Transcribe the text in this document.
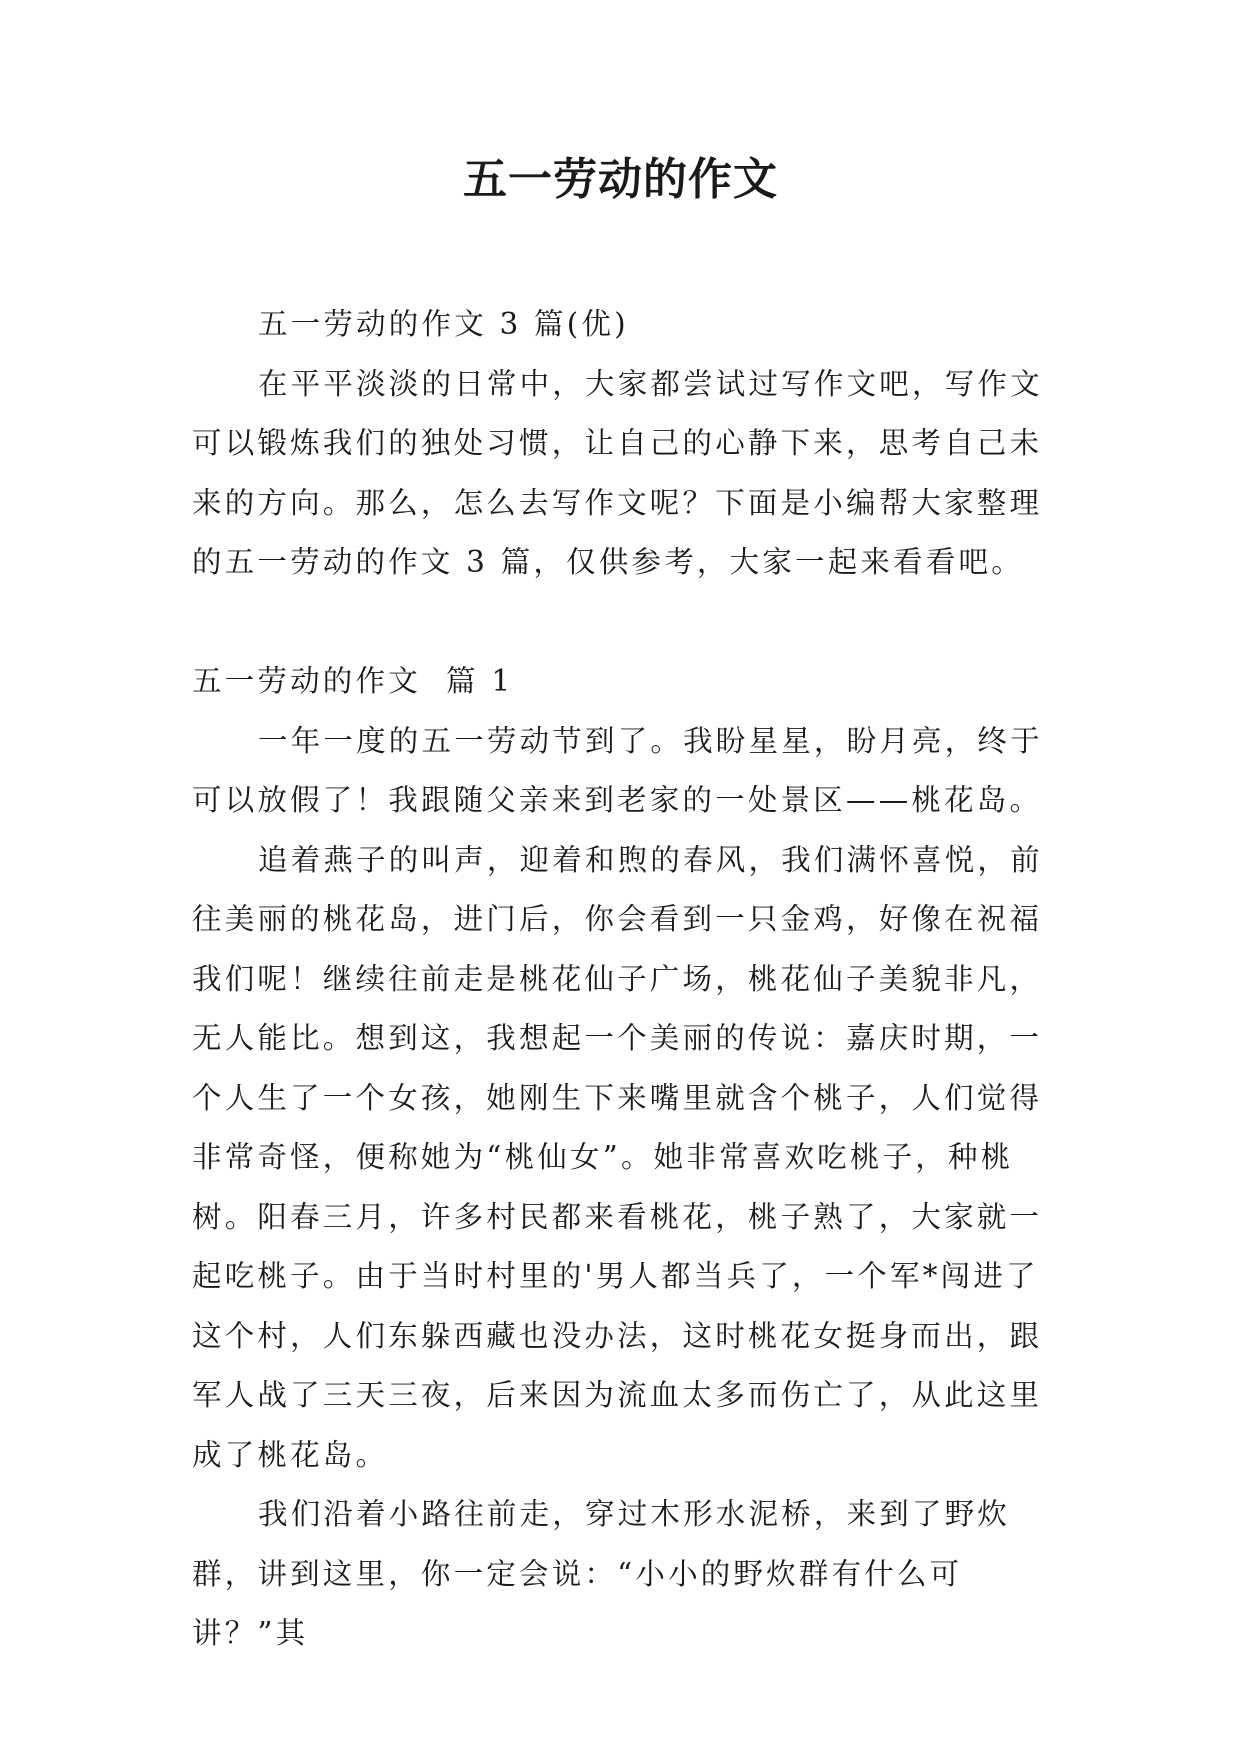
五一劳动的作文

五一劳动的作文 3 篇(优)

在平平淡淡的日常中，大家都尝试过写作文吧，写作文可以锻炼我们的独处习惯，让自己的心静下来，思考自己未来的方向。那么，怎么去写作文呢？下面是小编帮大家整理的五一劳动的作文 3 篇，仅供参考，大家一起来看看吧。

五一劳动的作文  篇 1

一年一度的五一劳动节到了。我盼星星，盼月亮，终于可以放假了！我跟随父亲来到老家的一处景区——桃花岛。

追着燕子的叫声，迎着和煦的春风，我们满怀喜悦，前往美丽的桃花岛，进门后，你会看到一只金鸡，好像在祝福我们呢！继续往前走是桃花仙子广场，桃花仙子美貌非凡，无人能比。想到这，我想起一个美丽的传说：嘉庆时期，一个人生了一个女孩，她刚生下来嘴里就含个桃子，人们觉得非常奇怪，便称她为“桃仙女”。她非常喜欢吃桃子，种桃树。阳春三月，许多村民都来看桃花，桃子熟了，大家就一起吃桃子。由于当时村里的'男人都当兵了，一个军*闯进了这个村，人们东躲西藏也没办法，这时桃花女挺身而出，跟军人战了三天三夜，后来因为流血太多而伤亡了，从此这里成了桃花岛。

我们沿着小路往前走，穿过木形水泥桥，来到了野炊群，讲到这里，你一定会说：“小小的野炊群有什么可讲？”其
